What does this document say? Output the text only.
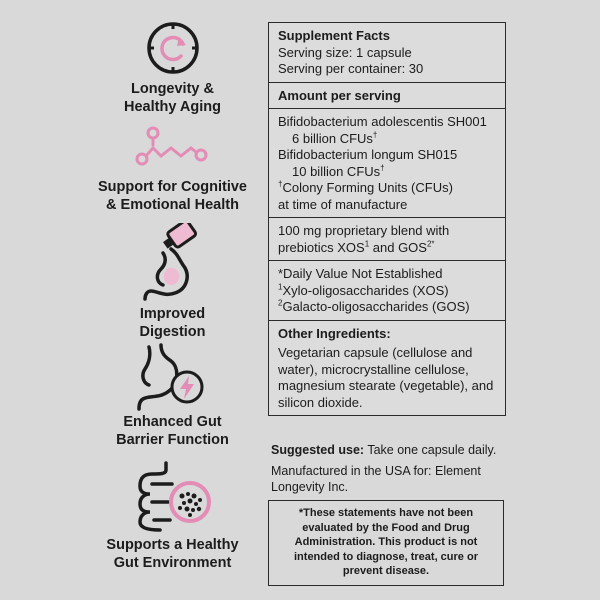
Longevity &
Healthy Aging
Support for Cognitive
& Emotional Health
Improved
Digestion
Enhanced Gut
Barrier Function
Supports a Healthy
Gut Environment
Supplement Facts
Serving size: 1 capsule
Serving per container: 30
Amount per serving
Bifidobacterium adolescentis SH001
6 billion CFUs†
Bifidobacterium longum SH015
10 billion CFUs†
†Colony Forming Units (CFUs)
at time of manufacture
100 mg proprietary blend with
prebiotics XOS$^1$ and $GOS^{2*}$
*Daily Value Not Established
$^1$Xylo-oligosaccharides (XOS)
$^2$Galacto-oligosaccharides (GOS)
Other Ingredients:
Vegetarian capsule (cellulose and water), microcrystalline cellulose, magnesium stearate (vegetable), and silicon dioxide.

Suggested use: Take one capsule daily.

Manufactured in the USA for: Element Longevity Inc.

*These statements have not been evaluated by the Food and Drug Administration. This product is not intended to diagnose, treat, cure or prevent disease.
